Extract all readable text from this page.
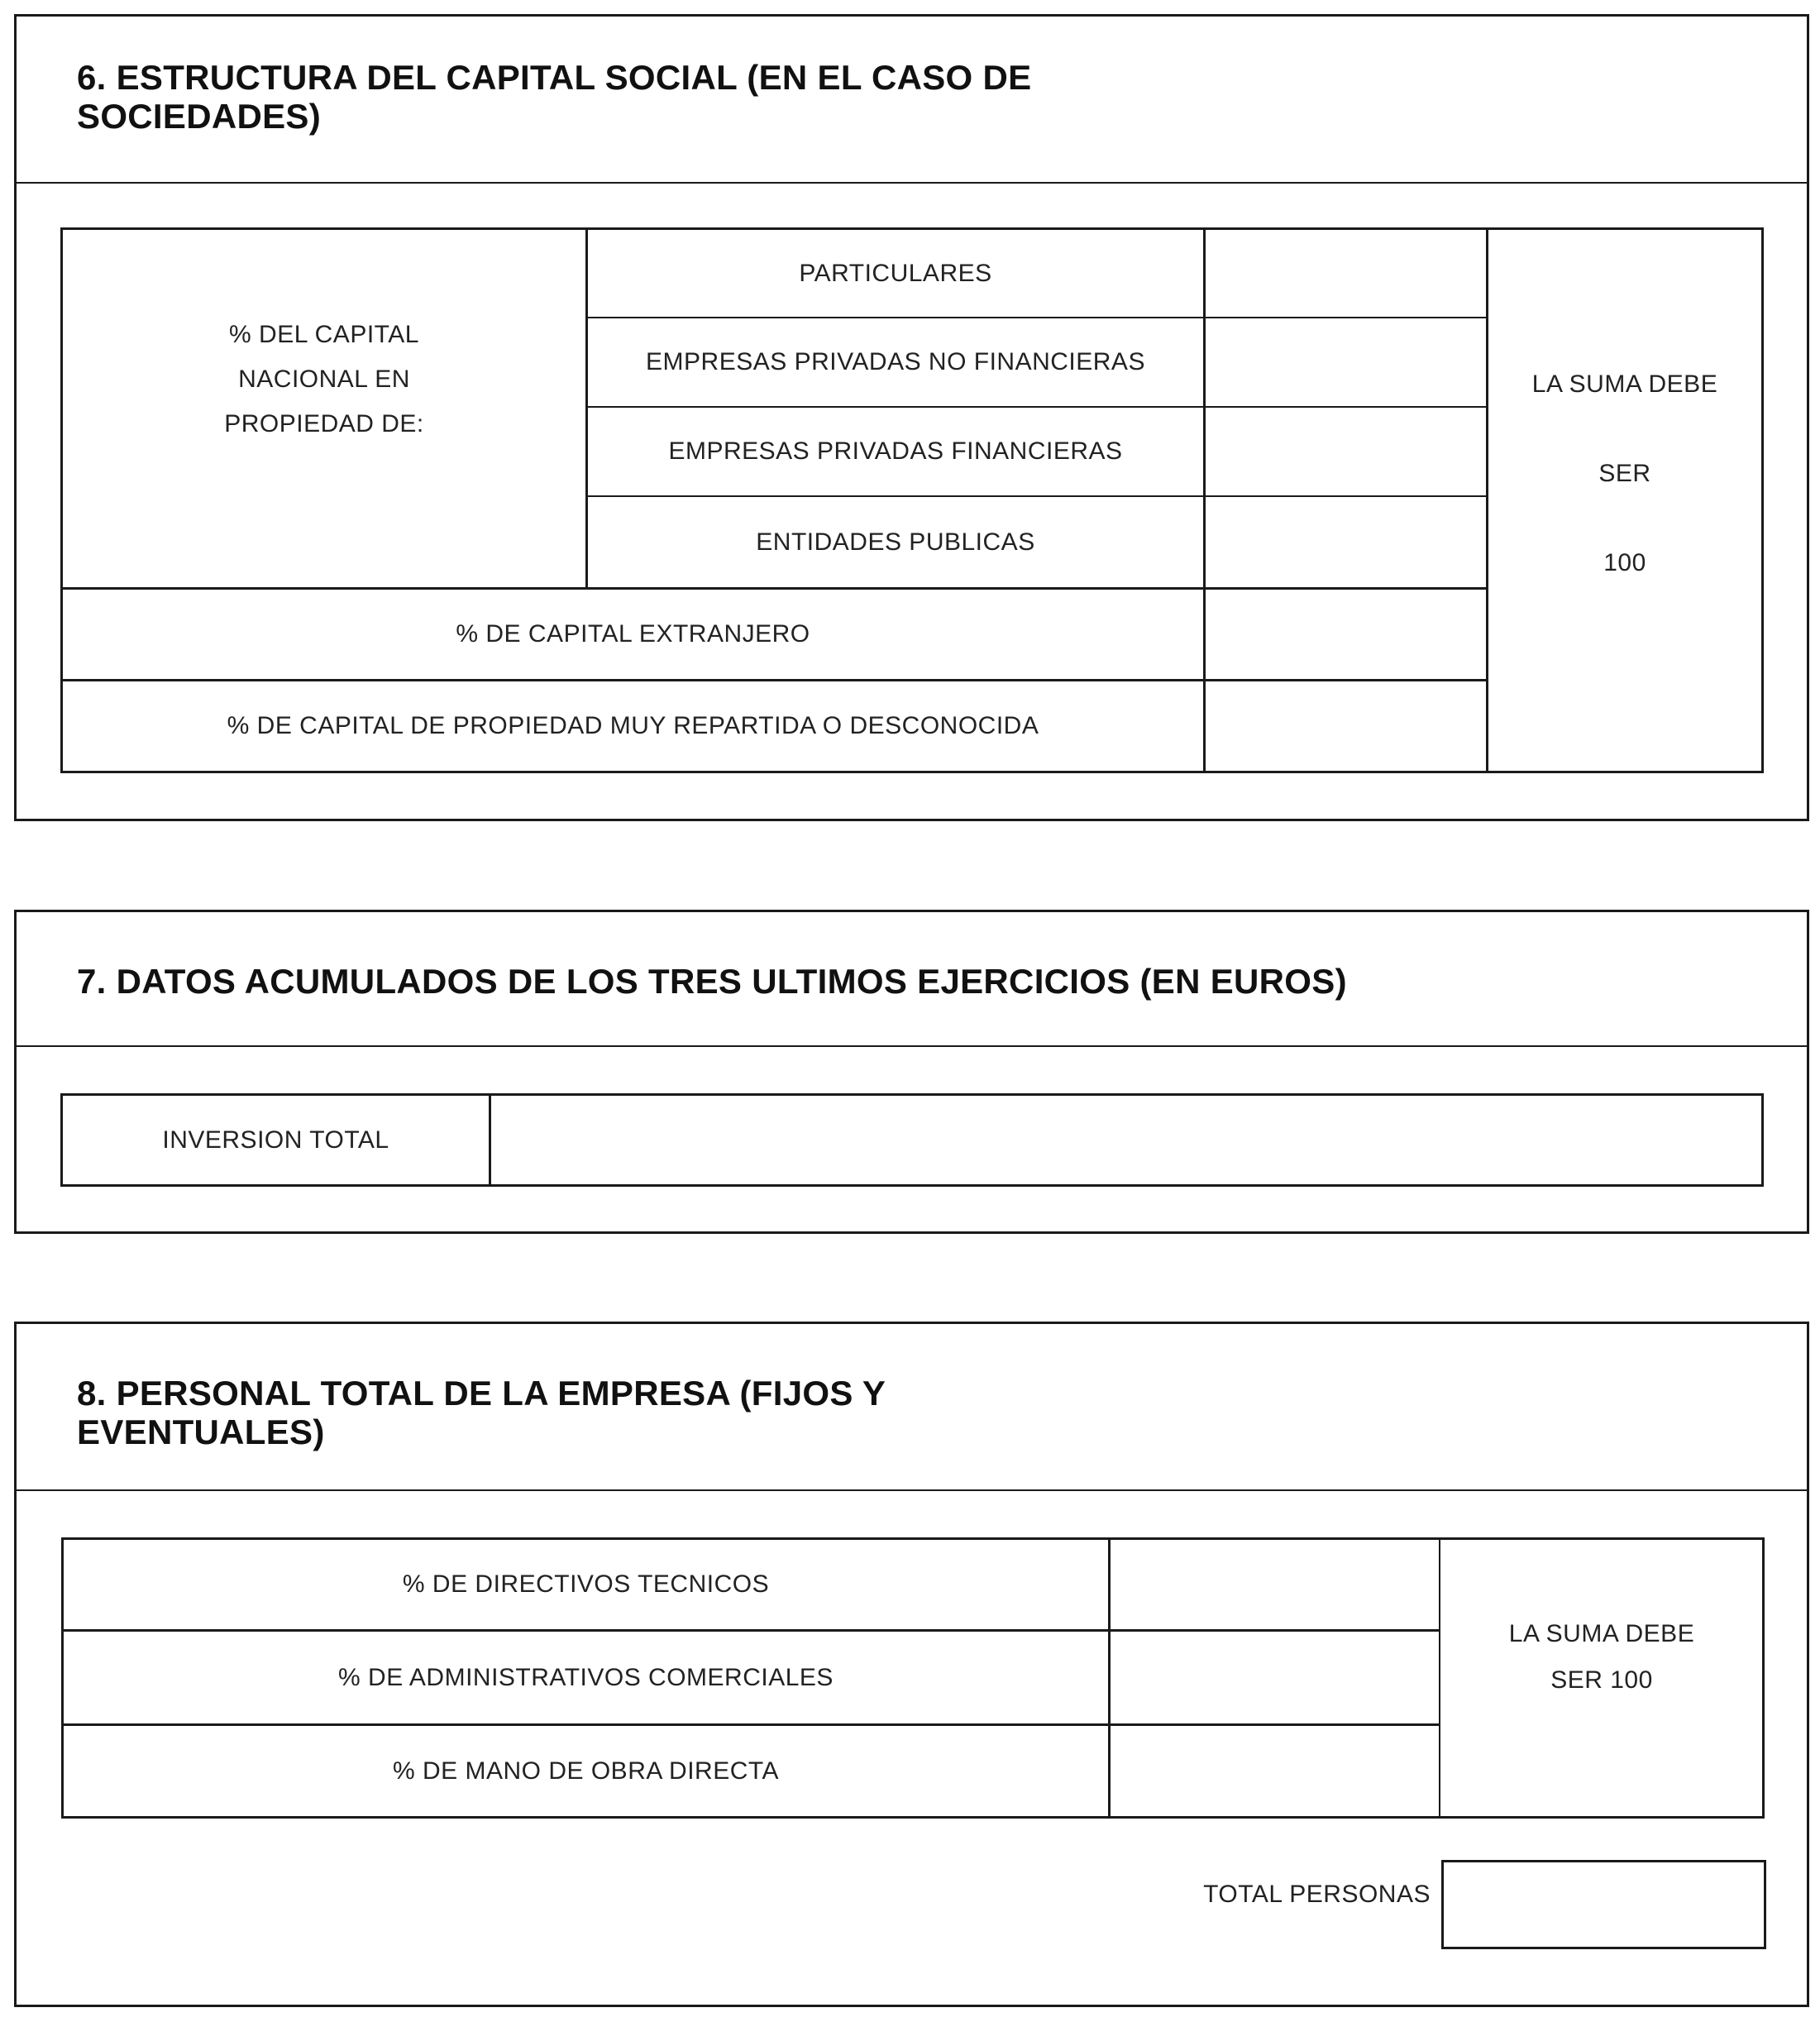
6. ESTRUCTURA DEL CAPITAL SOCIAL (EN EL CASO DE
SOCIEDADES)
% DEL CAPITAL
NACIONAL EN
PROPIEDAD DE:
PARTICULARES
EMPRESAS PRIVADAS NO FINANCIERAS
EMPRESAS PRIVADAS FINANCIERAS
ENTIDADES PUBLICAS
% DE CAPITAL EXTRANJERO
% DE CAPITAL DE PROPIEDAD MUY REPARTIDA O DESCONOCIDA
LA SUMA DEBE
SER
100
7. DATOS ACUMULADOS DE LOS TRES ULTIMOS EJERCICIOS (EN EUROS)
INVERSION TOTAL
8. PERSONAL TOTAL DE LA EMPRESA (FIJOS Y
EVENTUALES)
% DE DIRECTIVOS TECNICOS
% DE ADMINISTRATIVOS COMERCIALES
% DE MANO DE OBRA DIRECTA
LA SUMA DEBE
SER 100
TOTAL PERSONAS
